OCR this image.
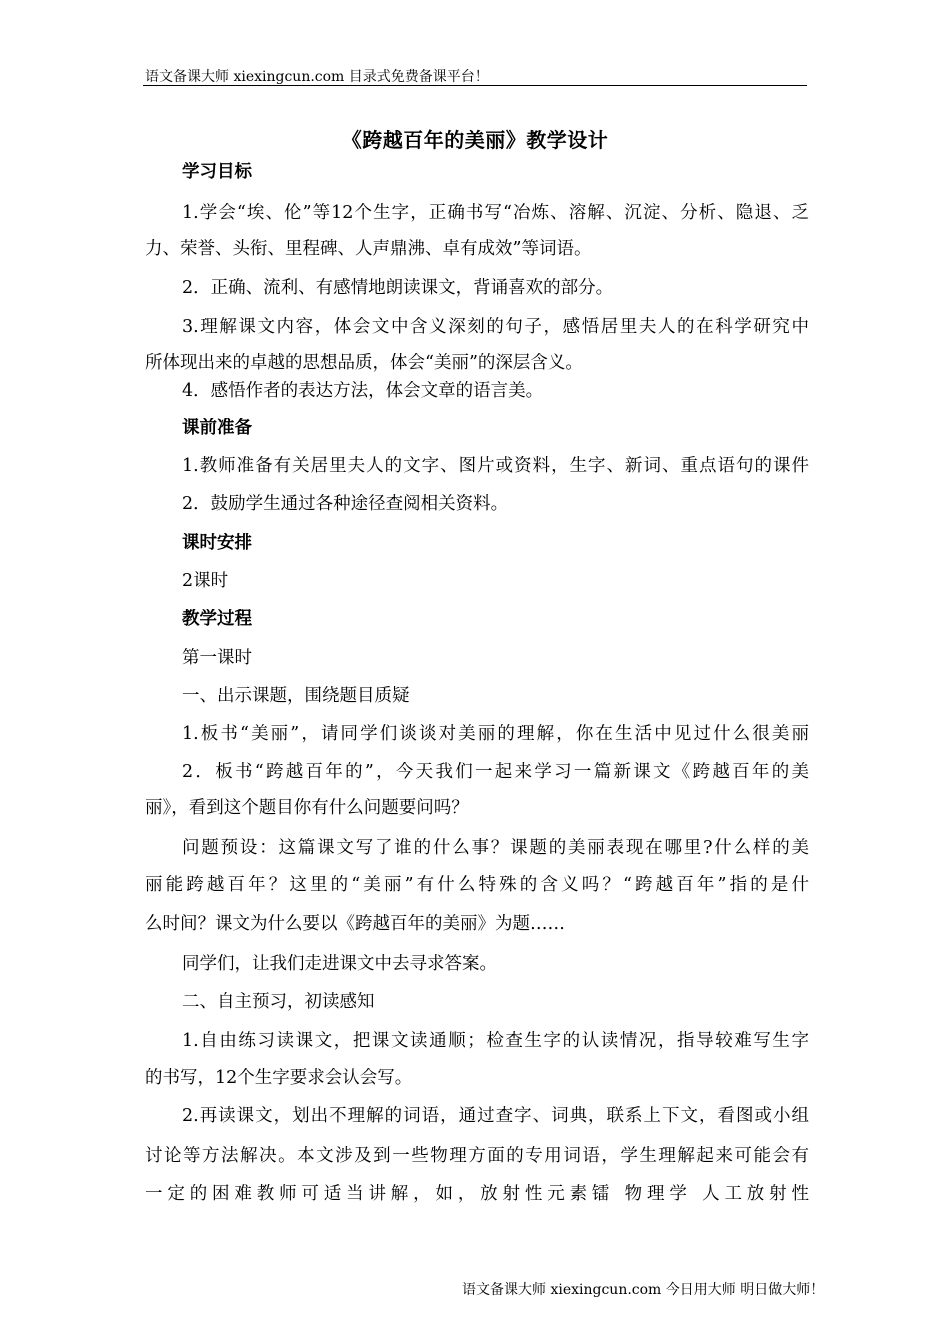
语文备课大师 xiexingcun.com 目录式免费备课平台！
《跨越百年的美丽》教学设计
学习目标
1.学会“埃、伦”等12个生字，正确书写“冶炼、溶解、沉淀、分析、隐退、乏
力、荣誉、头衔、里程碑、人声鼎沸、卓有成效”等词语。
2．正确、流利、有感情地朗读课文，背诵喜欢的部分。
3.理解课文内容，体会文中含义深刻的句子，感悟居里夫人的在科学研究中
所体现出来的卓越的思想品质，体会“美丽”的深层含义。
4．感悟作者的表达方法，体会文章的语言美。
课前准备
1.教师准备有关居里夫人的文字、图片或资料，生字、新词、重点语句的课件
2．鼓励学生通过各种途径查阅相关资料。
课时安排
2课时
教学过程
第一课时
一、出示课题，围绕题目质疑
1.板书“美丽”，请同学们谈谈对美丽的理解，你在生活中见过什么很美丽
2．板书“跨越百年的”，今天我们一起来学习一篇新课文《跨越百年的美
丽》，看到这个题目你有什么问题要问吗？
问题预设：这篇课文写了谁的什么事？课题的美丽表现在哪里?什么样的美
丽能跨越百年？这里的“美丽”有什么特殊的含义吗？“跨越百年”指的是什
么时间？课文为什么要以《跨越百年的美丽》为题……
同学们，让我们走进课文中去寻求答案。
二、自主预习，初读感知
1.自由练习读课文，把课文读通顺；检查生字的认读情况，指导较难写生字
的书写，12个生字要求会认会写。
2.再读课文，划出不理解的词语，通过查字、词典，联系上下文，看图或小组
讨论等方法解决。本文涉及到一些物理方面的专用词语，学生理解起来可能会有
一定的困难教师可适当讲解，如，放射性元素镭 物理学 人工放射性
语文备课大师 xiexingcun.com 今日用大师 明日做大师！
